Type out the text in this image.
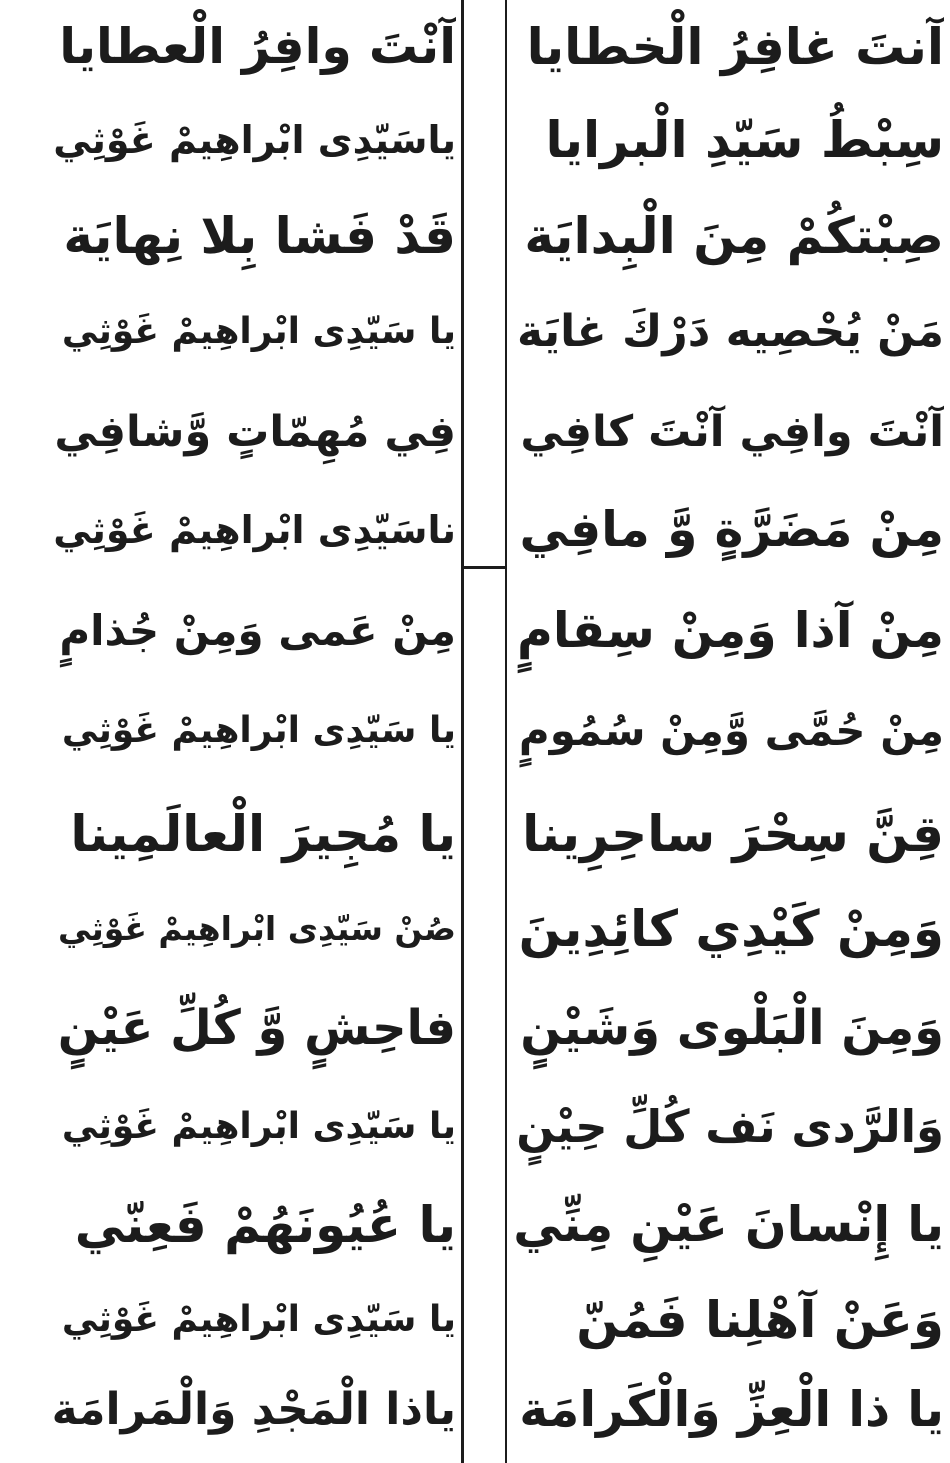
آنتَ غافِرُ الْخطايا
سِبْطُ سَيّدِ الْبرايا
صِبْتكُمْ مِنَ الْبِدايَة
مَنْ يُحْصِيه دَرْكَ غايَة
آنْتَ وافِي آنْتَ كافِي
مِنْ مَضَرَّةٍ وَّ مافِي
مِنْ آذا وَمِنْ سِقامٍ
مِنْ حُمَّى وَّمِنْ سُمُومٍ
قِنَّ سِحْرَ ساحِرِينا
وَمِنْ كَيْدِي كائِدِينَ
وَمِنَ الْبَلْوى وَشَيْنٍ
وَالرَّدى نَف كُلِّ حِيْنٍ
يا إِنْسانَ عَيْنِ مِنِّي
وَعَنْ آهْلِنا فَمُنّ
يا ذا الْعِزِّ وَالْكَرامَة
آنْتَ وافِرُ الْعطايا
ياسَيّدِى ابْراهِيمْ غَوْثِي
قَدْ فَشا بِلا نِهايَة
يا سَيّدِى ابْراهِيمْ غَوْثِي
فِي مُهِمّاتٍ وَّشافِي
ناسَيّدِى ابْراهِيمْ غَوْثِي
مِنْ عَمى وَمِنْ جُذامٍ
يا سَيّدِى ابْراهِيمْ غَوْثِي
يا مُجِيرَ الْعالَمِينا
صُنْ سَيّدِى ابْراهِيمْ غَوْثِي
فاحِشٍ وَّ كُلِّ عَيْنٍ
يا سَيّدِى ابْراهِيمْ غَوْثِي
يا عُيُونَهُمْ فَعِنّي
يا سَيّدِى ابْراهِيمْ غَوْثِي
ياذا الْمَجْدِ وَالْمَرامَة
